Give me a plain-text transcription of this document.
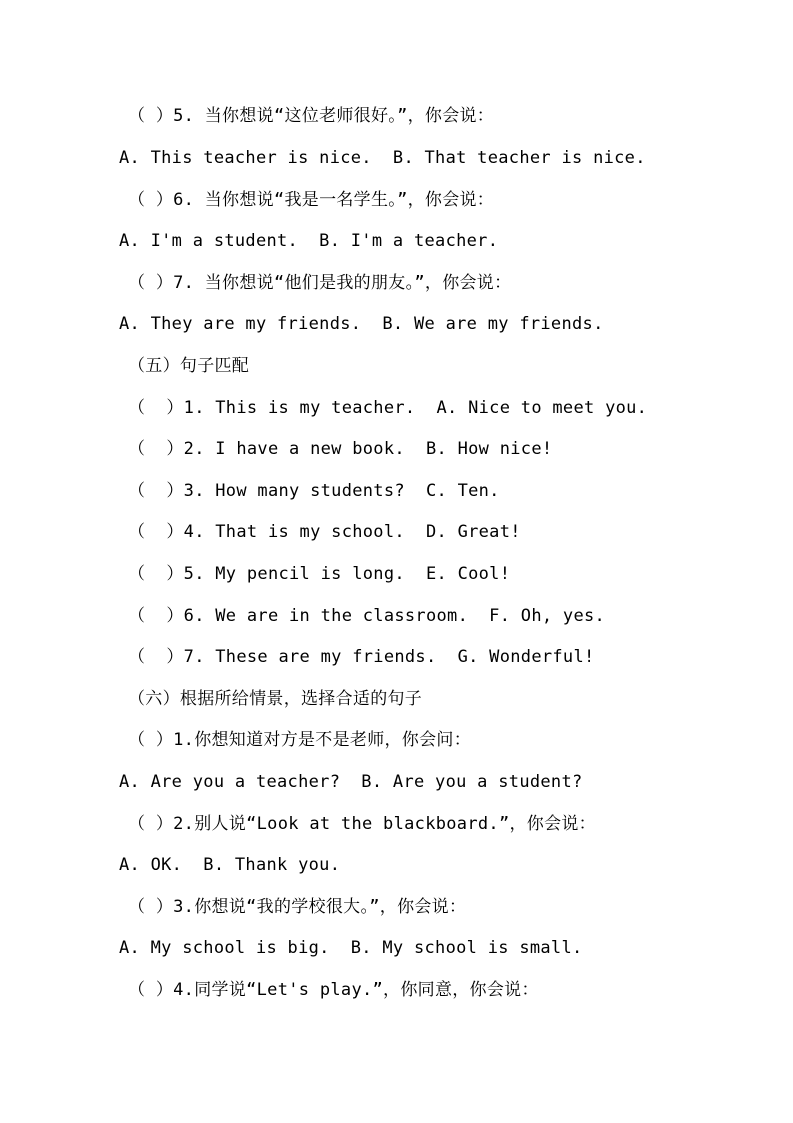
（ ）5. 当你想说“这位老师很好。”，你会说：
A. This teacher is nice.  B. That teacher is nice.
（ ）6. 当你想说“我是一名学生。”，你会说：
A. I'm a student.  B. I'm a teacher.
（ ）7. 当你想说“他们是我的朋友。”，你会说：
A. They are my friends.  B. We are my friends.
（五）句子匹配
（  ）1. This is my teacher.  A. Nice to meet you.
（  ）2. I have a new book.  B. How nice!
（  ）3. How many students?  C. Ten.
（  ）4. That is my school.  D. Great!
（  ）5. My pencil is long.  E. Cool!
（  ）6. We are in the classroom.  F. Oh, yes.
（  ）7. These are my friends.  G. Wonderful!
（六）根据所给情景，选择合适的句子
（ ）1.你想知道对方是不是老师，你会问：
A. Are you a teacher?  B. Are you a student?
（ ）2.别人说“Look at the blackboard.”，你会说：
A. OK.  B. Thank you.
（ ）3.你想说“我的学校很大。”，你会说：
A. My school is big.  B. My school is small.
（ ）4.同学说“Let's play.”，你同意，你会说：
